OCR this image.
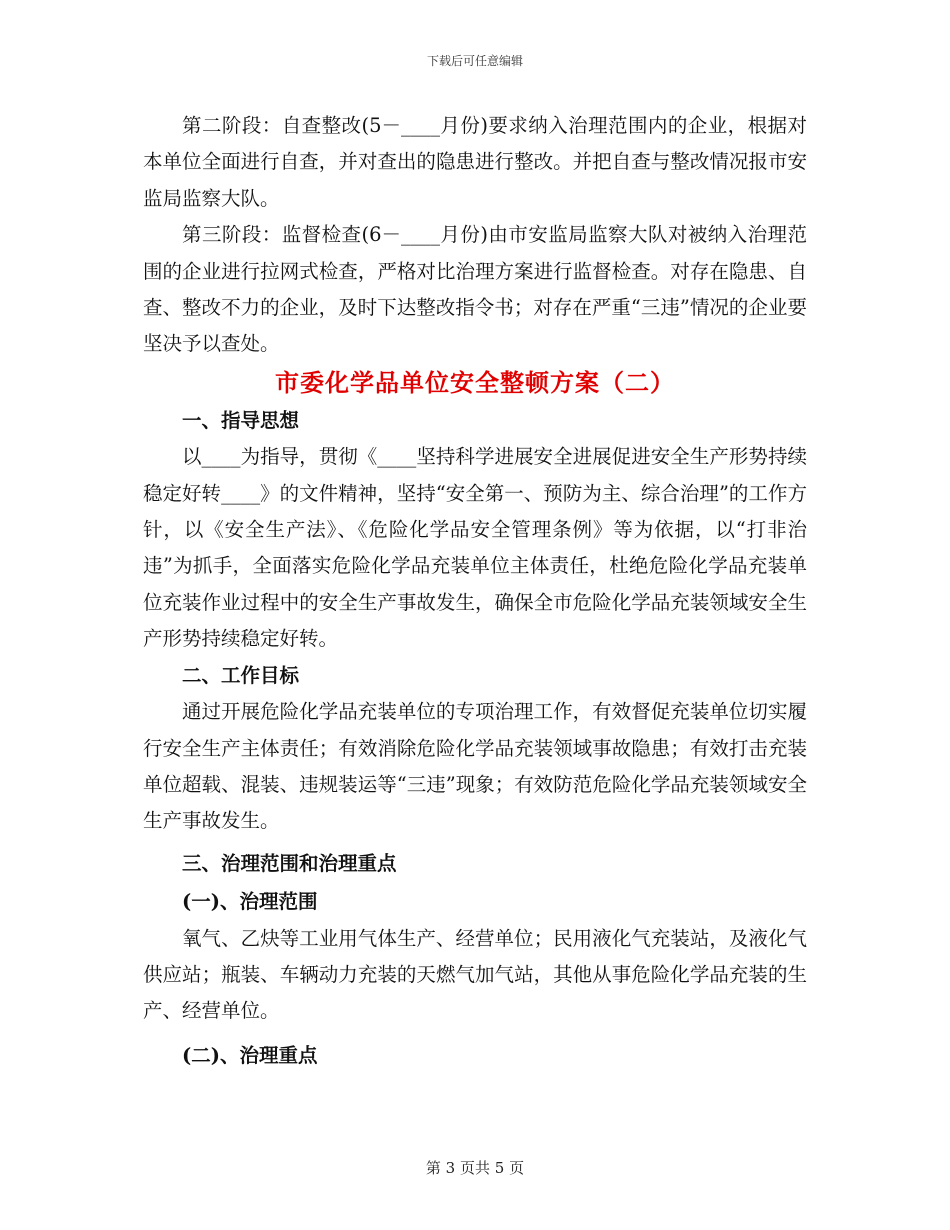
下载后可任意编辑

第二阶段：自查整改(5－____月份)要求纳入治理范围内的企业，根据对本单位全面进行自查，并对查出的隐患进行整改。并把自查与整改情况报市安监局监察大队。

第三阶段：监督检查(6－____月份)由市安监局监察大队对被纳入治理范围的企业进行拉网式检查，严格对比治理方案进行监督检查。对存在隐患、自查、整改不力的企业，及时下达整改指令书；对存在严重“三违”情况的企业要坚决予以查处。

市委化学品单位安全整顿方案（二）

一、指导思想

以____为指导，贯彻《____坚持科学进展安全进展促进安全生产形势持续稳定好转____》的文件精神，坚持“安全第一、预防为主、综合治理”的工作方针，以《安全生产法》、《危险化学品安全管理条例》等为依据，以“打非治违”为抓手，全面落实危险化学品充装单位主体责任，杜绝危险化学品充装单位充装作业过程中的安全生产事故发生，确保全市危险化学品充装领域安全生产形势持续稳定好转。

二、工作目标

通过开展危险化学品充装单位的专项治理工作，有效督促充装单位切实履行安全生产主体责任；有效消除危险化学品充装领域事故隐患；有效打击充装单位超载、混装、违规装运等“三违”现象；有效防范危险化学品充装领域安全生产事故发生。

三、治理范围和治理重点

(一)、治理范围

氧气、乙炔等工业用气体生产、经营单位；民用液化气充装站，及液化气供应站；瓶装、车辆动力充装的天燃气加气站，其他从事危险化学品充装的生产、经营单位。

(二)、治理重点

第 3 页共 5 页
